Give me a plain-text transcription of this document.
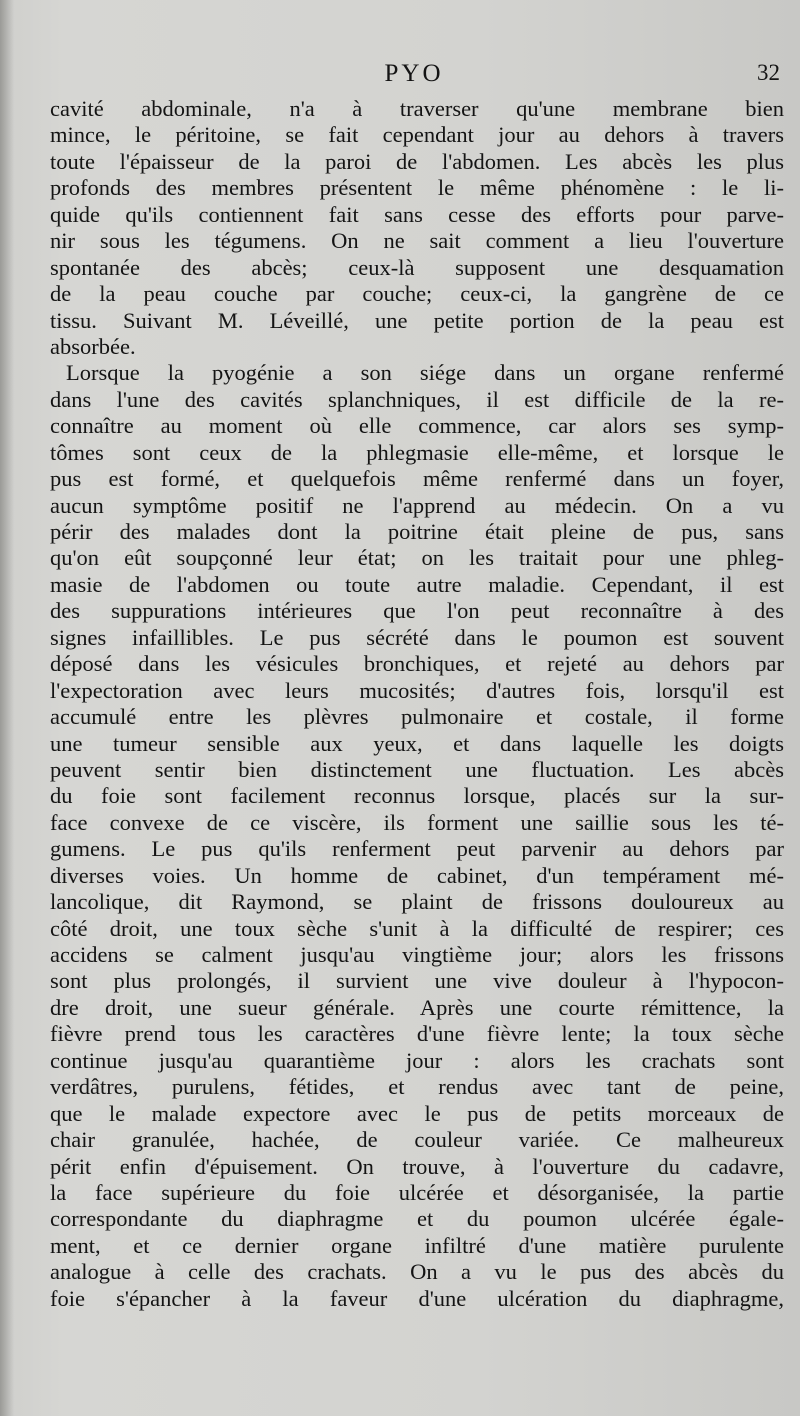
PYO	32
cavité abdominale, n'a à traverser qu'une membrane bien
mince, le péritoine, se fait cependant jour au dehors à travers
toute l'épaisseur de la paroi de l'abdomen. Les abcès les plus
profonds des membres présentent le même phénomène : le li-
quide qu'ils contiennent fait sans cesse des efforts pour parve-
nir sous les tégumens. On ne sait comment a lieu l'ouverture
spontanée des abcès; ceux-là supposent une desquamation
de la peau couche par couche; ceux-ci, la gangrène de ce
tissu. Suivant M. Léveillé, une petite portion de la peau est
absorbée.
Lorsque la pyogénie a son siége dans un organe renfermé
dans l'une des cavités splanchniques, il est difficile de la re-
connaître au moment où elle commence, car alors ses symp-
tômes sont ceux de la phlegmasie elle-même, et lorsque le
pus est formé, et quelquefois même renfermé dans un foyer,
aucun symptôme positif ne l'apprend au médecin. On a vu
périr des malades dont la poitrine était pleine de pus, sans
qu'on eût soupçonné leur état; on les traitait pour une phleg-
masie de l'abdomen ou toute autre maladie. Cependant, il est
des suppurations intérieures que l'on peut reconnaître à des
signes infaillibles. Le pus sécrété dans le poumon est souvent
déposé dans les vésicules bronchiques, et rejeté au dehors par
l'expectoration avec leurs mucosités; d'autres fois, lorsqu'il est
accumulé entre les plèvres pulmonaire et costale, il forme
une tumeur sensible aux yeux, et dans laquelle les doigts
peuvent sentir bien distinctement une fluctuation. Les abcès
du foie sont facilement reconnus lorsque, placés sur la sur-
face convexe de ce viscère, ils forment une saillie sous les té-
gumens. Le pus qu'ils renferment peut parvenir au dehors par
diverses voies. Un homme de cabinet, d'un tempérament mé-
lancolique, dit Raymond, se plaint de frissons douloureux au
côté droit, une toux sèche s'unit à la difficulté de respirer; ces
accidens se calment jusqu'au vingtième jour; alors les frissons
sont plus prolongés, il survient une vive douleur à l'hypocon-
dre droit, une sueur générale. Après une courte rémittence, la
fièvre prend tous les caractères d'une fièvre lente; la toux sèche
continue jusqu'au quarantième jour : alors les crachats sont
verdâtres, purulens, fétides, et rendus avec tant de peine,
que le malade expectore avec le pus de petits morceaux de
chair granulée, hachée, de couleur variée. Ce malheureux
périt enfin d'épuisement. On trouve, à l'ouverture du cadavre,
la face supérieure du foie ulcérée et désorganisée, la partie
correspondante du diaphragme et du poumon ulcérée égale-
ment, et ce dernier organe infiltré d'une matière purulente
analogue à celle des crachats. On a vu le pus des abcès du
foie s'épancher à la faveur d'une ulcération du diaphragme,
